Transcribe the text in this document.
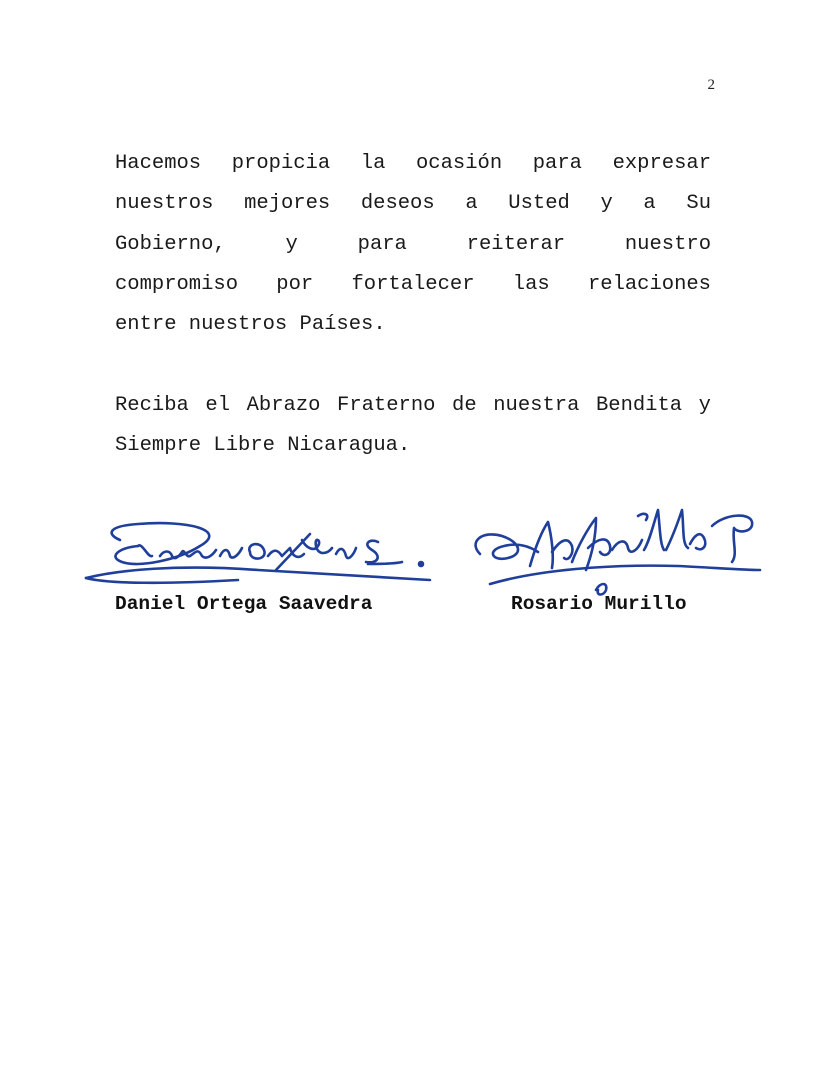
2

Hacemos propicia la ocasión para expresar
nuestros mejores deseos a Usted y a Su
Gobierno, y para reiterar nuestro
compromiso por fortalecer las relaciones
entre nuestros Países.

Reciba el Abrazo Fraterno de nuestra Bendita y
Siempre Libre Nicaragua.

Daniel Ortega Saavedra	Rosario Murillo
